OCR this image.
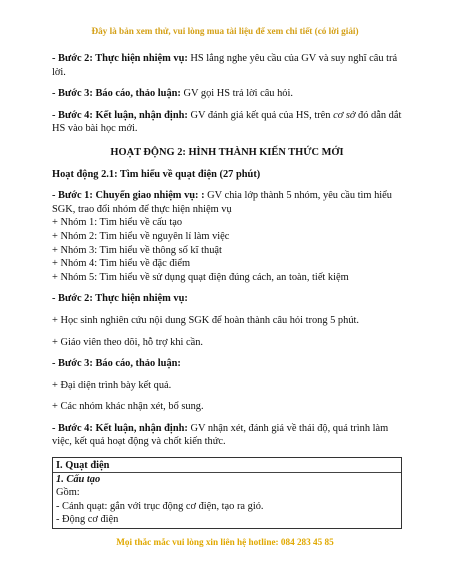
Đây là bản xem thử, vui lòng mua tài liệu để xem chi tiết (có lời giải)

- Bước 2: Thực hiện nhiệm vụ: HS lắng nghe yêu cầu của GV và suy nghĩ câu trả lời.

- Bước 3: Báo cáo, thảo luận: GV gọi HS trả lời câu hỏi.

- Bước 4: Kết luận, nhận định: GV đánh giá kết quả của HS, trên cơ sở đó dẫn dắt HS vào bài học mới.

HOẠT ĐỘNG 2: HÌNH THÀNH KIẾN THỨC MỚI

Hoạt động 2.1: Tìm hiểu về quạt điện (27 phút)

- Bước 1: Chuyển giao nhiệm vụ: : GV chia lớp thành 5 nhóm, yêu cầu tìm hiểu SGK, trao đổi nhóm để thực hiện nhiệm vụ

+ Nhóm 1: Tìm hiểu về cấu tạo

+ Nhóm 2: Tìm hiểu về nguyên lí làm việc

+ Nhóm 3: Tìm hiểu về thông số kĩ thuật

+ Nhóm 4: Tìm hiểu về đặc điểm

+ Nhóm 5: Tìm hiểu về sử dụng quạt điện đúng cách, an toàn, tiết kiệm

- Bước 2: Thực hiện nhiệm vụ:

+ Học sinh nghiên cứu nội dung SGK để hoàn thành câu hỏi trong 5 phút.

+ Giáo viên theo dõi, hỗ trợ khi cần.

- Bước 3: Báo cáo, thảo luận:

+ Đại diện trình bày kết quả.

+ Các nhóm khác nhận xét, bổ sung.

- Bước 4: Kết luận, nhận định: GV nhận xét, đánh giá về thái độ, quá trình làm việc, kết quả hoạt động và chốt kiến thức.

I. Quạt điện

1. Cấu tạo

Gồm:

- Cánh quạt: gắn với trục động cơ điện, tạo ra gió.

- Động cơ điện

Mọi thắc mắc vui lòng xin liên hệ hotline: 084 283 45 85
